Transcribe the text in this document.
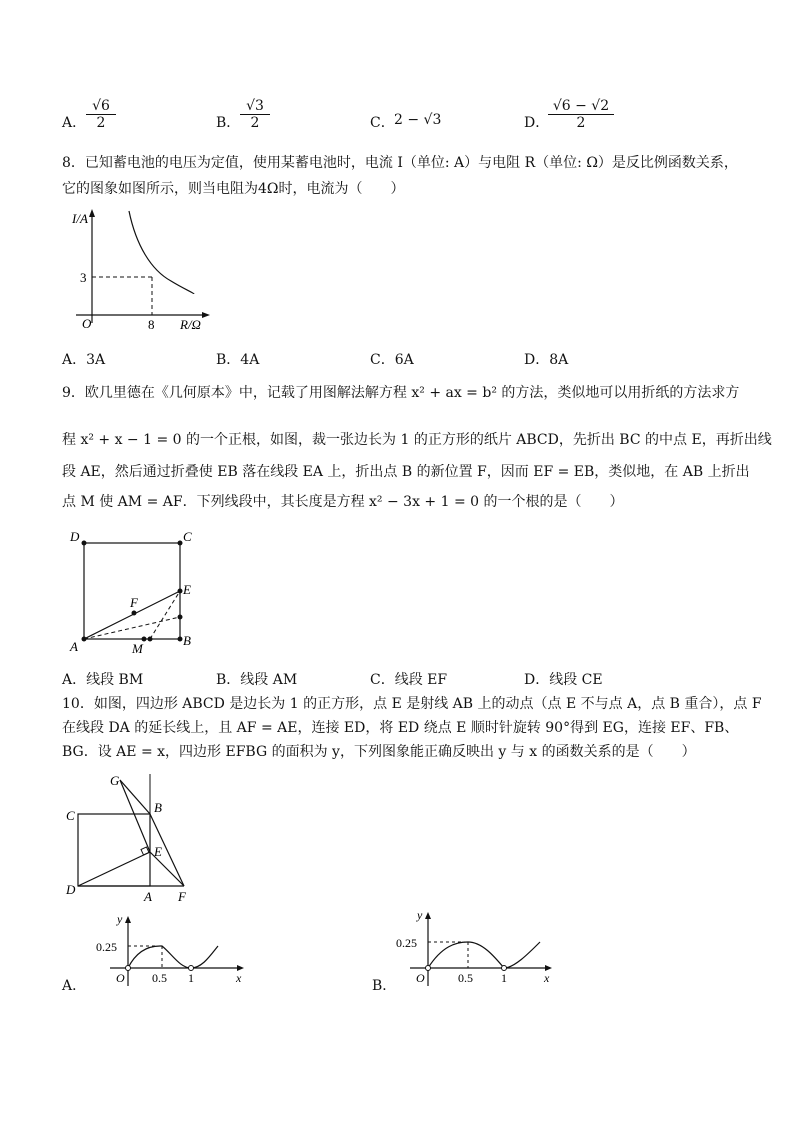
A． $\frac{√6}{2}$	B． $\frac{√3}{2}$	C． 2 − √3	D．
$\frac{√6 - √2}{2}$
8．已知蓄电池的电压为定值，使用某蓄电池时，电流 I（单位: A）与电阻 R（单位: Ω）是反比例函数关系，
它的图象如图所示，则当电阻为4Ω时，电流为（　　）
I/A
3
O	8 R/Ω
A．3A	B．4A	C．6A	D．8A
9．欧几里德在《几何原本》中，记载了用图解法解方程 x² + ax = b² 的方法，类似地可以用折纸的方法求方
程 x² + x − 1 = 0 的一个正根，如图，裁一张边长为 1 的正方形的纸片 ABCD，先折出 BC 的中点 E，再折出线
段 AE，然后通过折叠使 EB 落在线段 EA 上，折出点 B 的新位置 F，因而 EF = EB，类似地，在 AB 上折出
点 M 使 AM = AF．下列线段中，其长度是方程 x² − 3x + 1 = 0 的一个根的是（　　）
D	C
E
F
A	M
B
A．线段 BM	B．线段 AM	C．线段 EF	D．线段 CE
10．如图，四边形 ABCD 是边长为 1 的正方形，点 E 是射线 AB 上的动点（点 E 不与点 A，点 B 重合），点 F
在线段 DA 的延长线上，且 AF = AE，连接 ED，将 ED 绕点 E 顺时针旋转 90°得到 EG，连接 EF、FB、
BG．设 AE = x，四边形 EFBG 的面积为 y，下列图象能正确反映出 y 与 x 的函数关系的是（　　）
G
B
C
E
D	A F
A．
y
0.25
O 0.5 1	x	B．
y
0.25
O	0.5 1	x
